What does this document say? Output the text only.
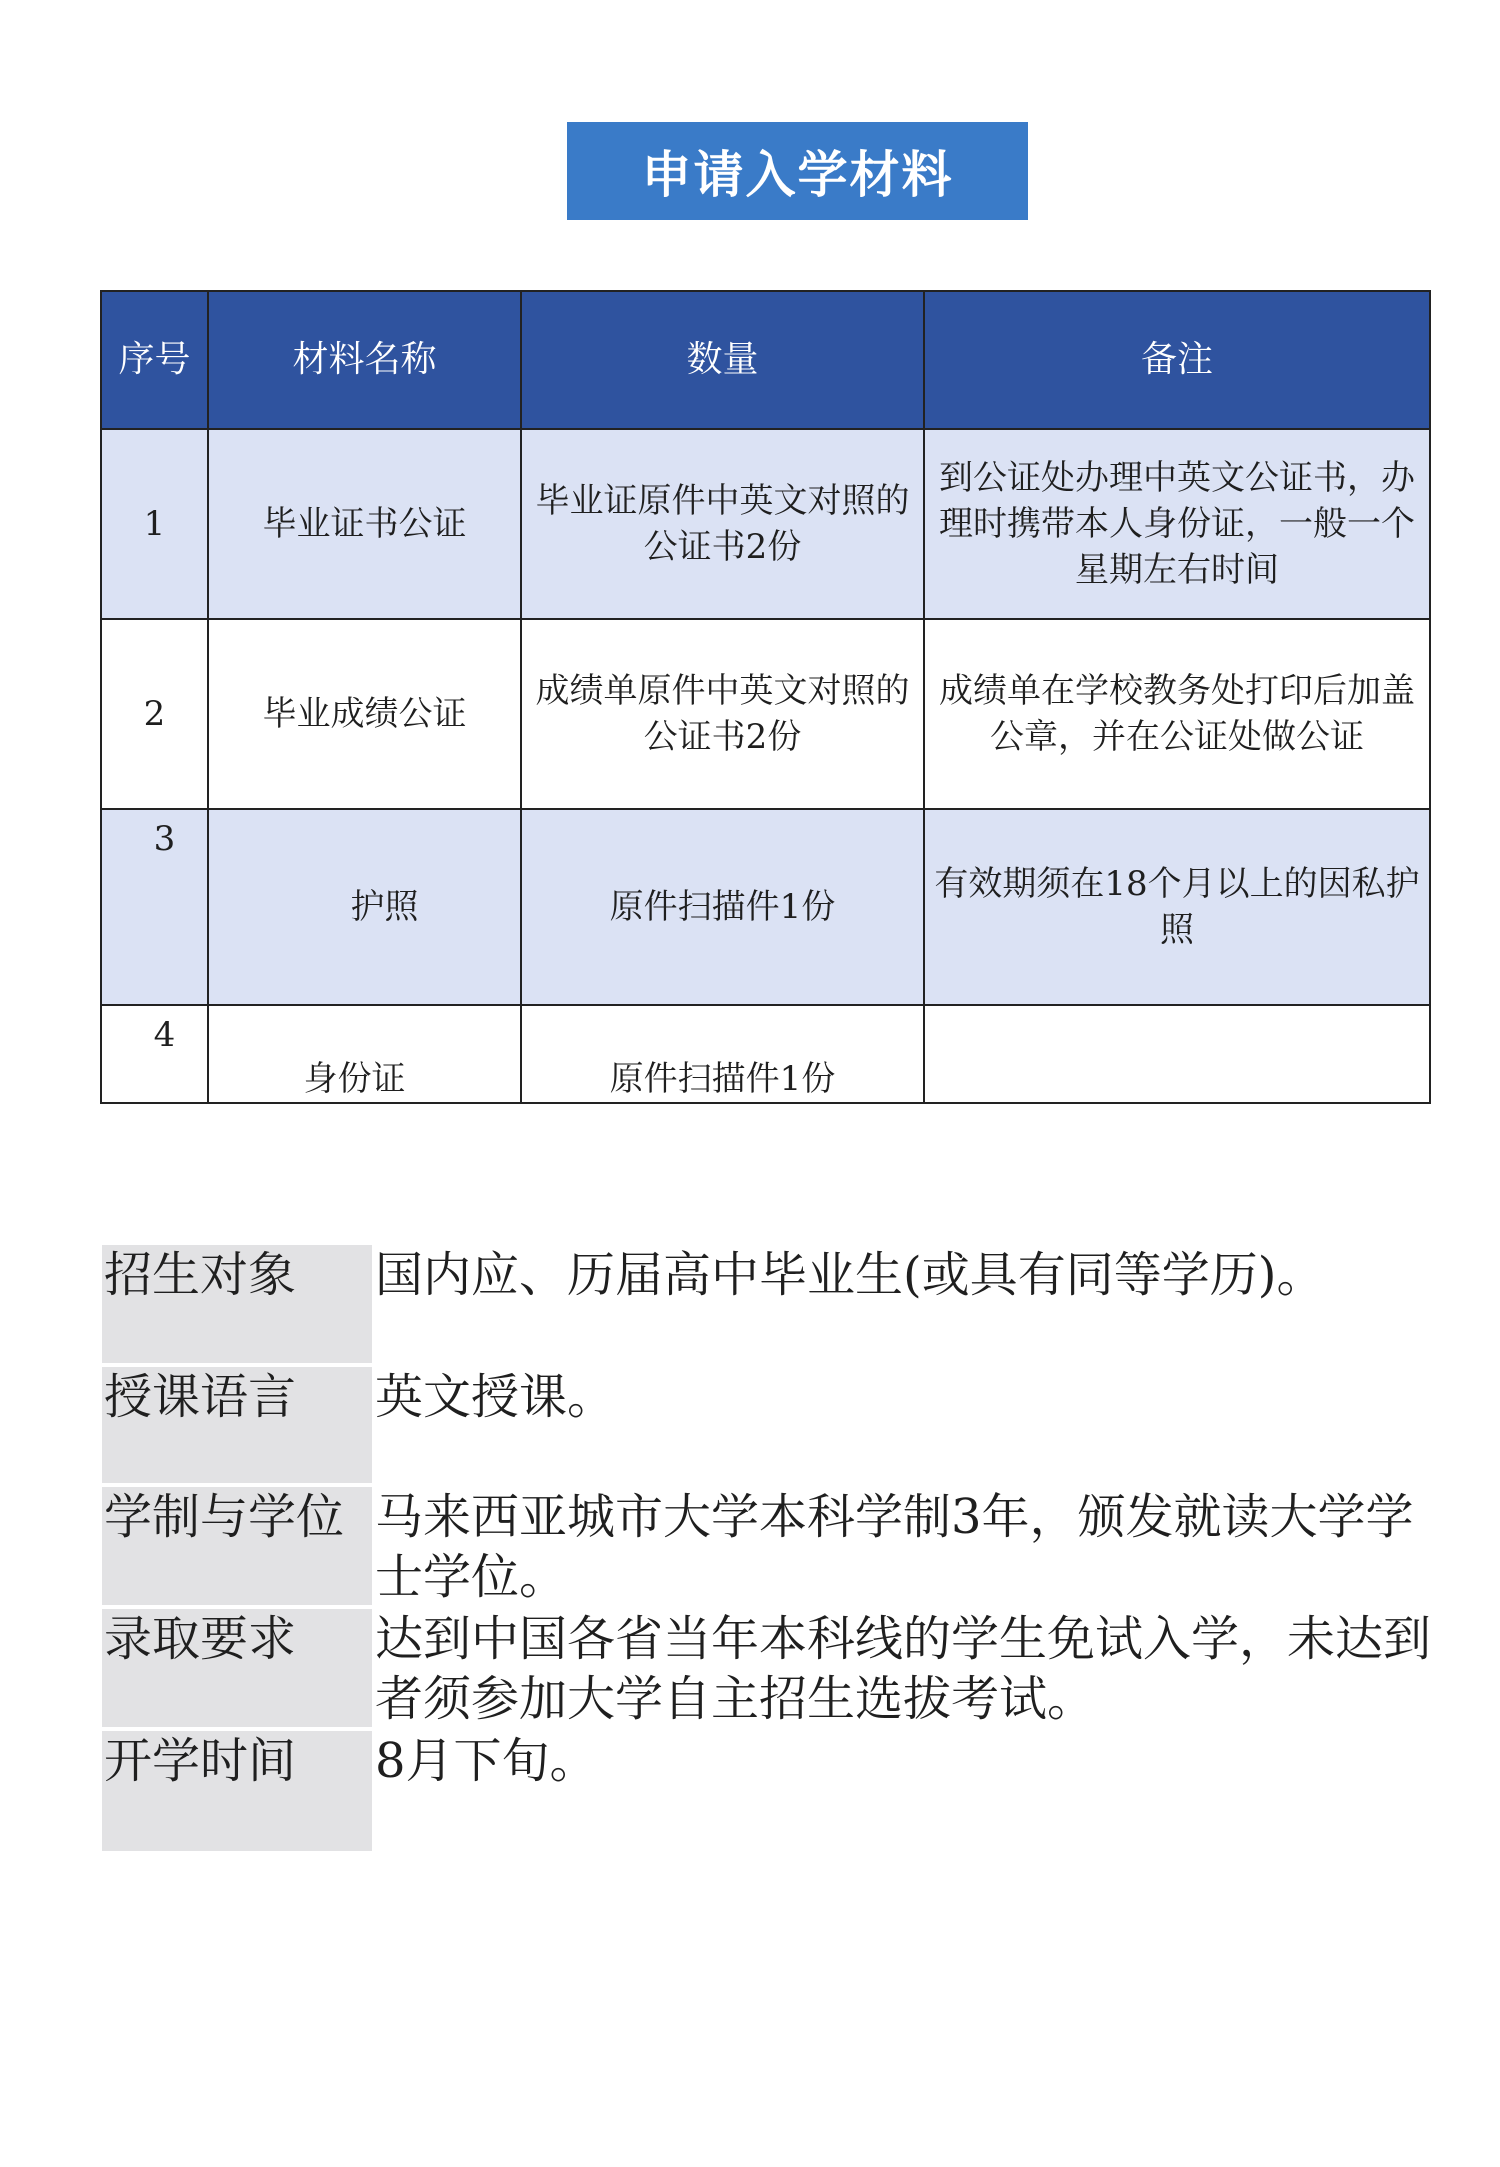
申请入学材料
序号	材料名称	数量	备注
1	毕业证书公证	毕业证原件中英文对照的公证书2份	到公证处办理中英文公证书，办理时携带本人身份证，一般一个星期左右时间
2	毕业成绩公证	成绩单原件中英文对照的公证书2份	成绩单在学校教务处打印后加盖公章，并在公证处做公证
3	护照	原件扫描件1份	有效期须在18个月以上的因私护照
4	身份证	原件扫描件1份	
招生对象	国内应、历届高中毕业生(或具有同等学历)。
授课语言	英文授课。
学制与学位 马来西亚城市大学本科学制3年，颁发就读大学学士学位。
录取要求	达到中国各省当年本科线的学生免试入学，未达到者须参加大学自主招生选拔考试。
开学时间	8月下旬。
